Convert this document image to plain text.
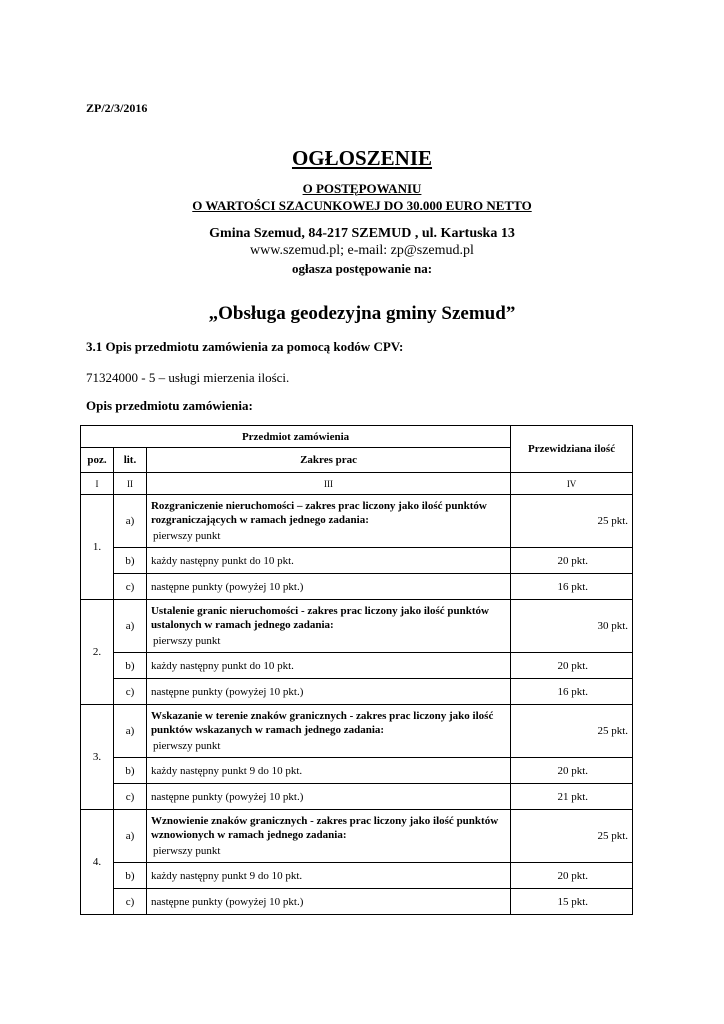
ZP/2/3/2016
OGŁOSZENIE
O POSTĘPOWANIU
O WARTOŚCI SZACUNKOWEJ DO 30.000 EURO NETTO
Gmina Szemud, 84-217 SZEMUD , ul. Kartuska 13
www.szemud.pl; e-mail: zp@szemud.pl
ogłasza postępowanie na:
„Obsługa geodezyjna gminy Szemud”
3.1 Opis przedmiotu zamówienia za pomocą kodów CPV:
71324000 - 5 – usługi mierzenia ilości.
Opis przedmiotu zamówienia:
Przedmiot zamówienia			Przewidziana ilość
poz.	lit.	Zakres prac	
I	II	III	IV
1.	a)	Rozgraniczenie nieruchomości – zakres prac liczony jako ilość punktów rozgraniczających w ramach jednego zadania:
pierwszy punkt	25 pkt.
	b)	każdy następny punkt do 10 pkt.	20 pkt.
	c)	następne punkty (powyżej 10 pkt.)	16 pkt.
2.	a)	Ustalenie granic nieruchomości - zakres prac liczony jako ilość punktów ustalonych w ramach jednego zadania:
pierwszy punkt	30 pkt.
	b)	każdy następny punkt do 10 pkt.	20 pkt.
	c)	następne punkty (powyżej 10 pkt.)	16 pkt.
3.	a)	Wskazanie w terenie znaków granicznych - zakres prac liczony jako ilość punktów wskazanych w ramach jednego zadania:
pierwszy punkt	25 pkt.
	b)	każdy następny punkt 9 do 10 pkt.	20 pkt.
	c)	następne punkty (powyżej 10 pkt.)	21 pkt.
4.	a)	Wznowienie znaków granicznych - zakres prac liczony jako ilość punktów wznowionych w ramach jednego zadania:
pierwszy punkt	25 pkt.
	b)	każdy następny punkt 9 do 10 pkt.	20 pkt.
	c)	następne punkty (powyżej 10 pkt.)	15 pkt.
